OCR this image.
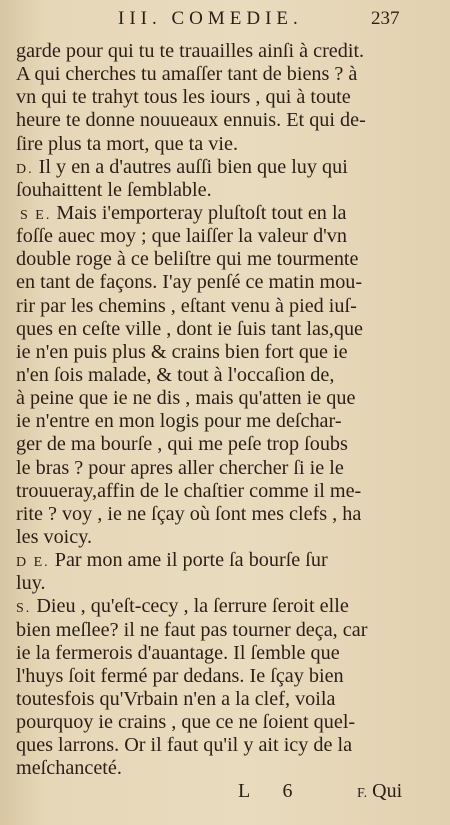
III. COMEDIE.	237
garde pour qui tu te trauailles ainſi à credit.
A qui cherches tu amaſſer tant de biens ? à
vn qui te trahyt tous les iours , qui à toute
heure te donne nouueaux ennuis. Et qui de-
ſire plus ta mort, que ta vie.
D. Il y en a d'autres auſſi bien que luy qui
ſouhaittent le ſemblable.
S E. Mais i'emporteray pluſtoſt tout en la
foſſe auec moy ; que laiſſer la valeur d'vn
double roge à ce beliſtre qui me tourmente
en tant de façons. I'ay penſé ce matin mou-
rir par les chemins , eſtant venu à pied iuſ-
ques en ceſte ville , dont ie ſuis tant las,que
ie n'en puis plus & crains bien fort que ie
n'en ſois malade, & tout à l'occaſion de,
à peine que ie ne dis , mais qu'atten ie que
ie n'entre en mon logis pour me deſchar-
ger de ma bourſe , qui me peſe trop ſoubs
le bras ? pour apres aller chercher ſi ie le
trouueray,affin de le chaſtier comme il me-
rite ? voy , ie ne ſçay où ſont mes clefs , ha
les voicy.
D E. Par mon ame il porte ſa bourſe ſur
luy.
S. Dieu , qu'eſt-cecy , la ſerrure ſeroit elle
bien meſlee? il ne faut pas tourner deça, car
ie la fermerois d'auantage. Il ſemble que
l'huys ſoit fermé par dedans. Ie ſçay bien
toutesfois qu'Vrbain n'en a la clef, voila
pourquoy ie crains , que ce ne ſoient quel-
ques larrons. Or il faut qu'il y ait icy de la
meſchanceté.
L 6	F. Qui
